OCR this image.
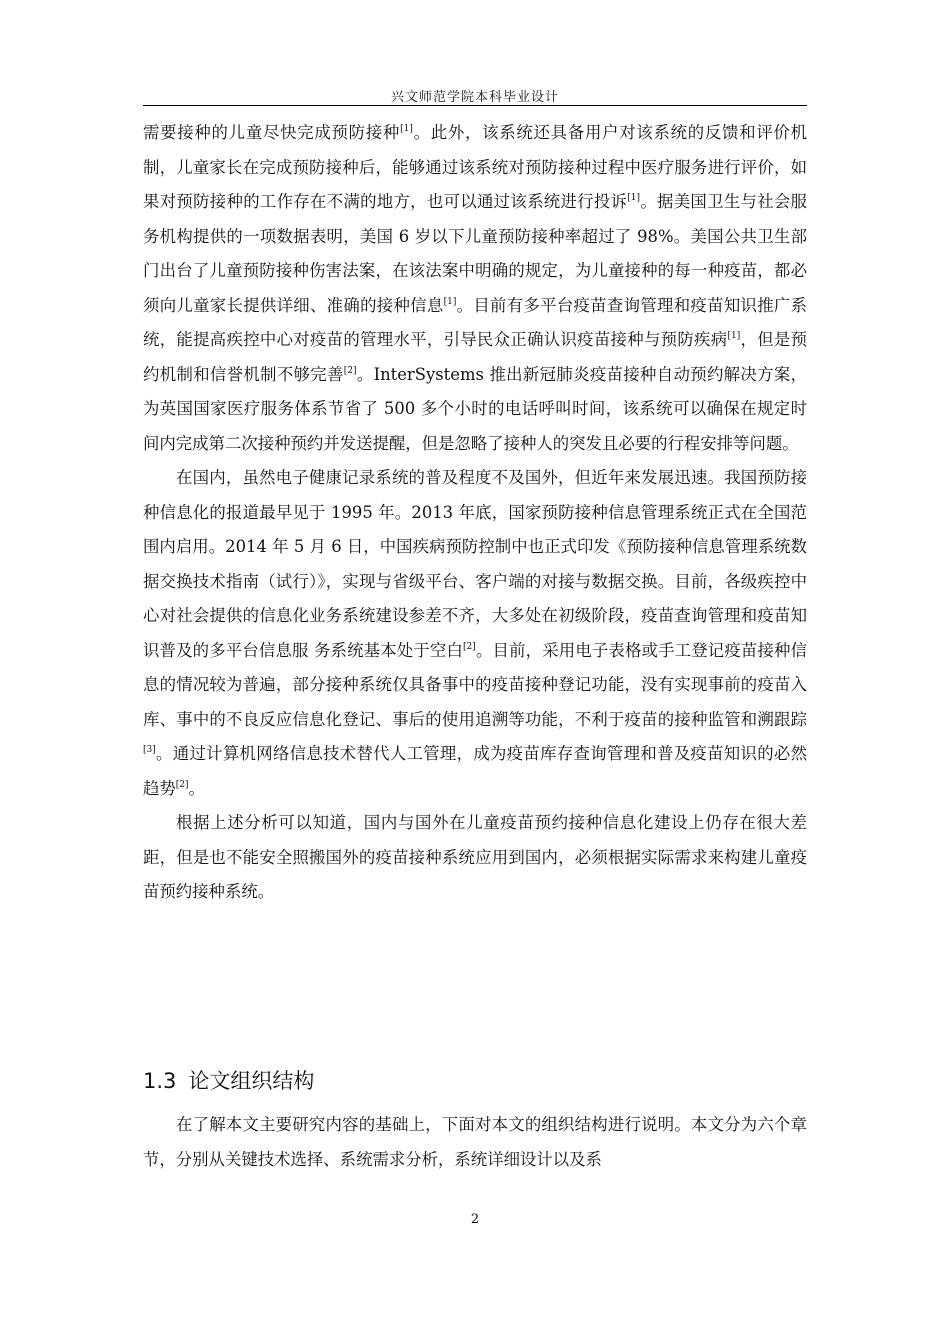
兴文师范学院本科毕业设计

需要接种的儿童尽快完成预防接种[1]。此外，该系统还具备用户对该系统的反馈和评价机制，儿童家长在完成预防接种后，能够通过该系统对预防接种过程中医疗服务进行评价，如果对预防接种的工作存在不满的地方，也可以通过该系统进行投诉[1]。据美国卫生与社会服务机构提供的一项数据表明，美国 6 岁以下儿童预防接种率超过了 98%。美国公共卫生部门出台了儿童预防接种伤害法案，在该法案中明确的规定，为儿童接种的每一种疫苗，都必须向儿童家长提供详细、准确的接种信息[1]。目前有多平台疫苗查询管理和疫苗知识推广系统，能提高疾控中心对疫苗的管理水平，引导民众正确认识疫苗接种与预防疾病[1]，但是预约机制和信誉机制不够完善[2]。InterSystems 推出新冠肺炎疫苗接种自动预约解决方案，为英国国家医疗服务体系节省了 500 多个小时的电话呼叫时间，该系统可以确保在规定时间内完成第二次接种预约并发送提醒，但是忽略了接种人的突发且必要的行程安排等问题。

在国内，虽然电子健康记录系统的普及程度不及国外，但近年来发展迅速。我国预防接种信息化的报道最早见于 1995 年。2013 年底，国家预防接种信息管理系统正式在全国范围内启用。2014 年 5 月 6 日，中国疾病预防控制中也正式印发《预防接种信息管理系统数据交换技术指南（试行）》，实现与省级平台、客户端的对接与数据交换。目前，各级疾控中心对社会提供的信息化业务系统建设参差不齐，大多处在初级阶段，疫苗查询管理和疫苗知识普及的多平台信息服 务系统基本处于空白[2]。目前，采用电子表格或手工登记疫苗接种信息的情况较为普遍，部分接种系统仅具备事中的疫苗接种登记功能，没有实现事前的疫苗入库、事中的不良反应信息化登记、事后的使用追溯等功能，不利于疫苗的接种监管和溯跟踪[3]。通过计算机网络信息技术替代人工管理，成为疫苗库存查询管理和普及疫苗知识的必然趋势[2]。

根据上述分析可以知道，国内与国外在儿童疫苗预约接种信息化建设上仍存在很大差距，但是也不能安全照搬国外的疫苗接种系统应用到国内，必须根据实际需求来构建儿童疫苗预约接种系统。

1.3 论文组织结构

在了解本文主要研究内容的基础上，下面对本文的组织结构进行说明。本文分为六个章节，分别从关键技术选择、系统需求分析，系统详细设计以及系

2
